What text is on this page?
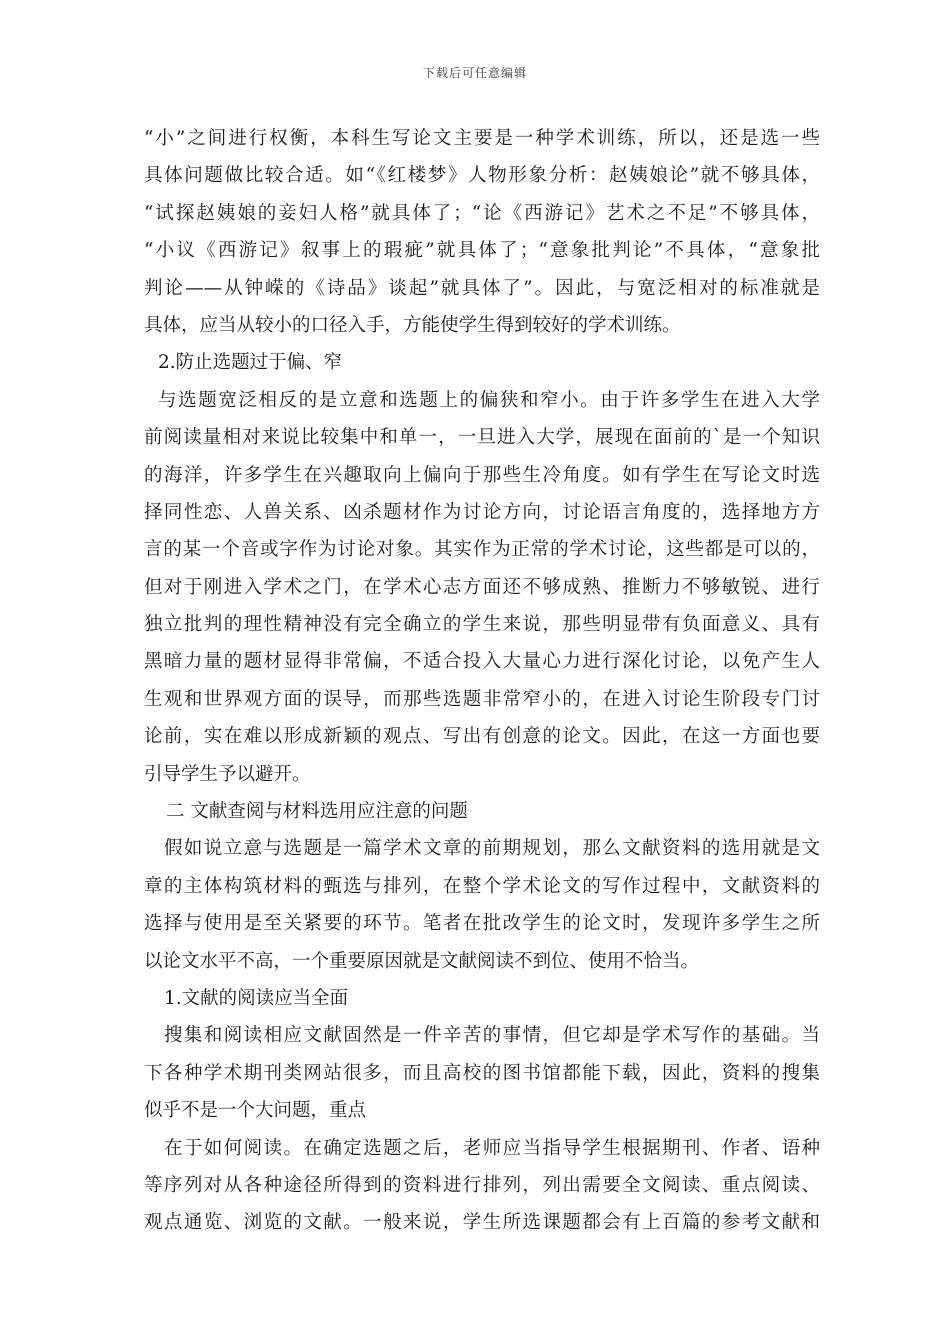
下载后可任意编辑
“小”之间进行权衡，本科生写论文主要是一种学术训练，所以，还是选一些
具体问题做比较合适。如“《红楼梦》人物形象分析：赵姨娘论”就不够具体，
“试探赵姨娘的妾妇人格”就具体了；“论《西游记》艺术之不足”不够具体，
“小议《西游记》叙事上的瑕疵”就具体了；“意象批判论”不具体，“意象批
判论——从钟嵘的《诗品》谈起”就具体了”。因此，与宽泛相对的标准就是
具体，应当从较小的口径入手，方能使学生得到较好的学术训练。
2.防止选题过于偏、窄
与选题宽泛相反的是立意和选题上的偏狭和窄小。由于许多学生在进入大学
前阅读量相对来说比较集中和单一，一旦进入大学，展现在面前的`是一个知识
的海洋，许多学生在兴趣取向上偏向于那些生冷角度。如有学生在写论文时选
择同性恋、人兽关系、凶杀题材作为讨论方向，讨论语言角度的，选择地方方
言的某一个音或字作为讨论对象。其实作为正常的学术讨论，这些都是可以的，
但对于刚进入学术之门，在学术心志方面还不够成熟、推断力不够敏锐、进行
独立批判的理性精神没有完全确立的学生来说，那些明显带有负面意义、具有
黑暗力量的题材显得非常偏，不适合投入大量心力进行深化讨论，以免产生人
生观和世界观方面的误导，而那些选题非常窄小的，在进入讨论生阶段专门讨
论前，实在难以形成新颖的观点、写出有创意的论文。因此，在这一方面也要
引导学生予以避开。
二 文献查阅与材料选用应注意的问题
假如说立意与选题是一篇学术文章的前期规划，那么文献资料的选用就是文
章的主体构筑材料的甄选与排列，在整个学术论文的写作过程中，文献资料的
选择与使用是至关紧要的环节。笔者在批改学生的论文时，发现许多学生之所
以论文水平不高，一个重要原因就是文献阅读不到位、使用不恰当。
1.文献的阅读应当全面
搜集和阅读相应文献固然是一件辛苦的事情，但它却是学术写作的基础。当
下各种学术期刊类网站很多，而且高校的图书馆都能下载，因此，资料的搜集
似乎不是一个大问题，重点
在于如何阅读。在确定选题之后，老师应当指导学生根据期刊、作者、语种
等序列对从各种途径所得到的资料进行排列，列出需要全文阅读、重点阅读、
观点通览、浏览的文献。一般来说，学生所选课题都会有上百篇的参考文献和
